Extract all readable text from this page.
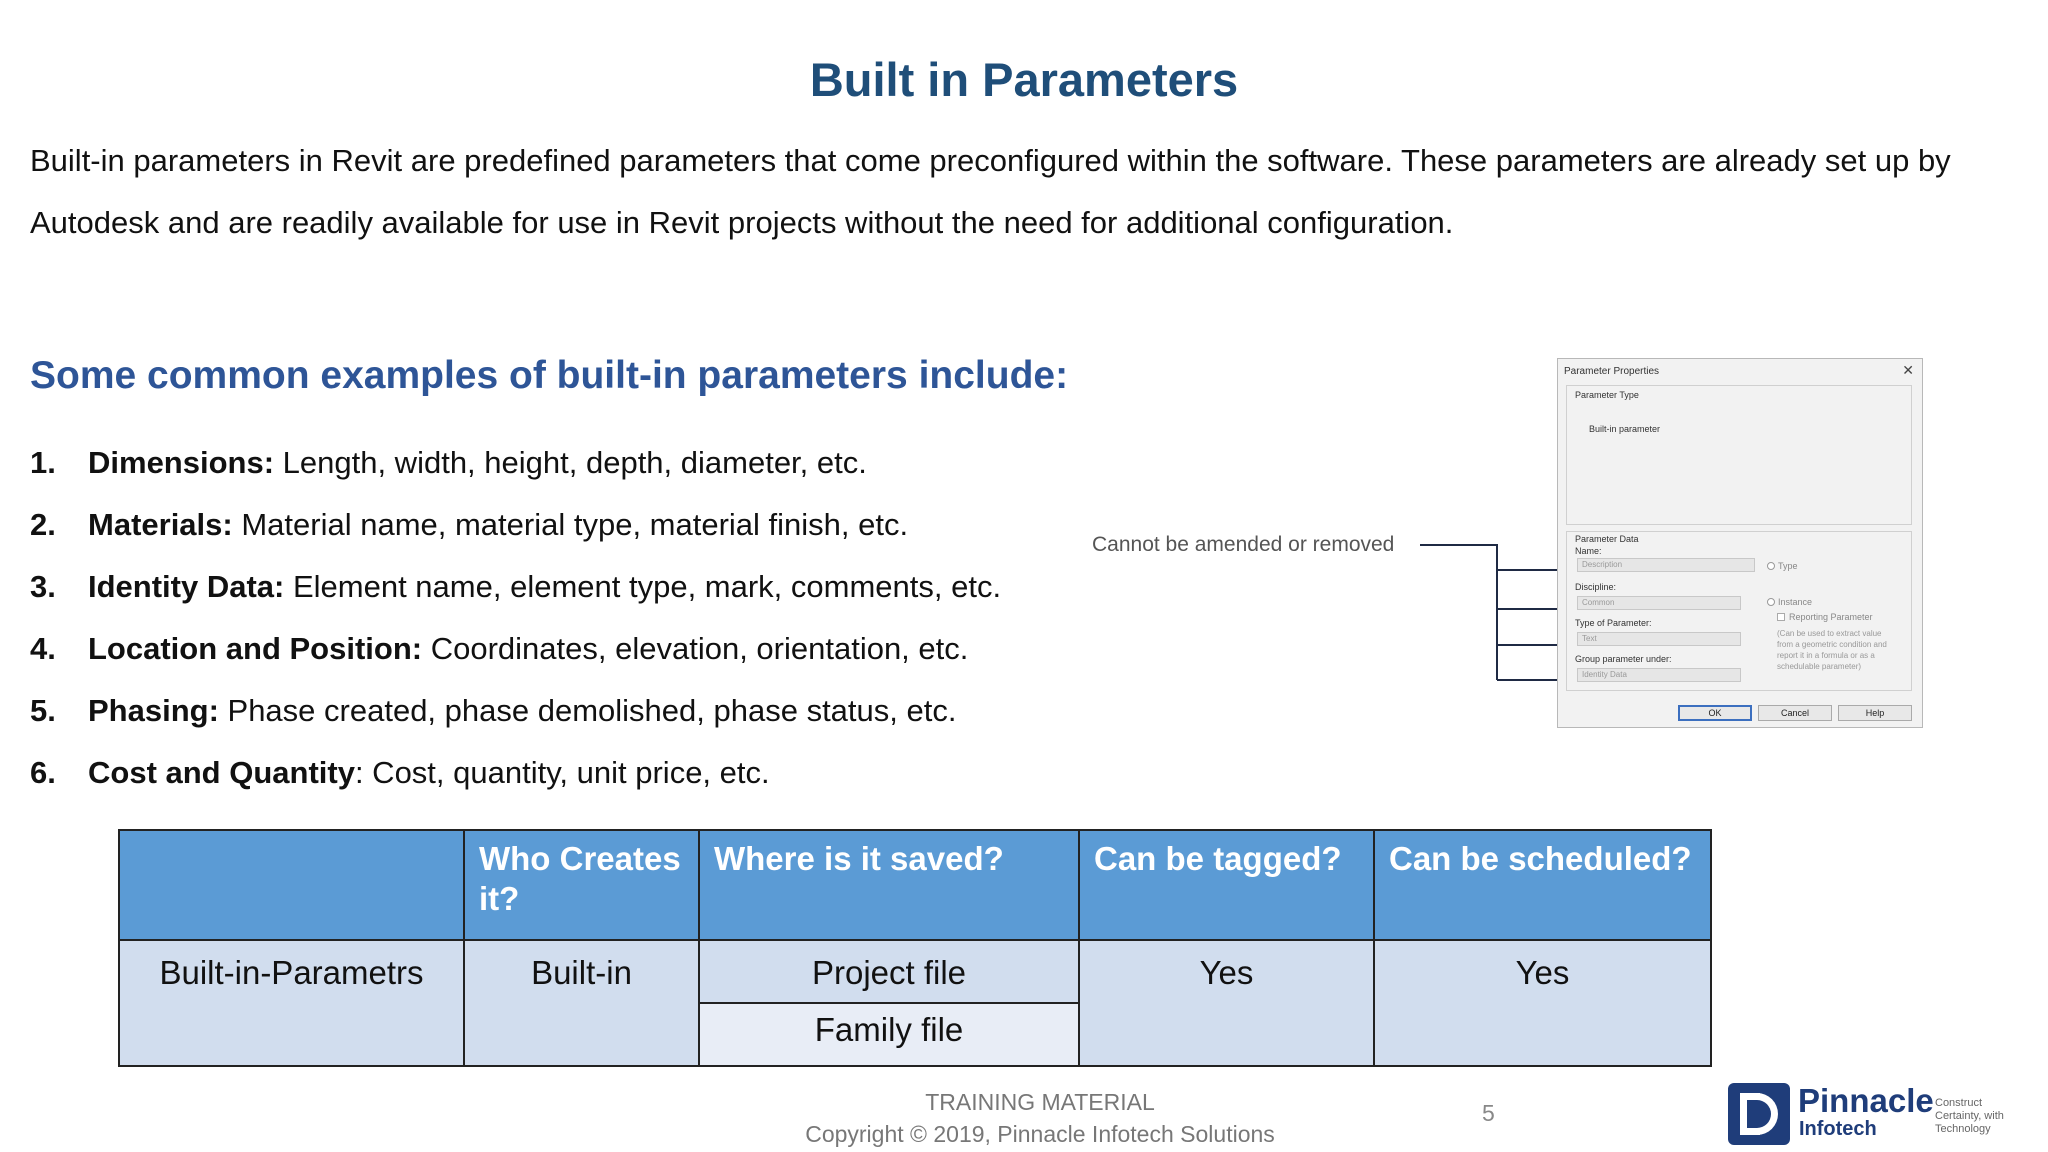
Built in Parameters
Built-in parameters in Revit are predefined parameters that come preconfigured within the software. These parameters are already set up by Autodesk and are readily available for use in Revit projects without the need for additional configuration.
Some common examples of built-in parameters include:
1. Dimensions: Length, width, height, depth, diameter, etc.
2. Materials: Material name, material type, material finish, etc.
3. Identity Data: Element name, element type, mark, comments, etc.
4. Location and Position: Coordinates, elevation, orientation, etc.
5. Phasing: Phase created, phase demolished, phase status, etc.
6. Cost and Quantity: Cost, quantity, unit price, etc.
Cannot be amended or removed
Parameter Properties	✕
Parameter Type
Built-in parameter
Parameter Data
Name:
Description
Discipline:
Common
Type of Parameter:
Text
Group parameter under:
Identity Data
Type
Instance
Reporting Parameter
(Can be used to extract value
from a geometric condition and
report it in a formula or as a
schedulable parameter)
OK	Cancel	Help
	Who Creates it?	Where is it saved?	Can be tagged?	Can be scheduled?
Built-in-Parametrs	Built-in	Project file	Yes	Yes
		Family file		
TRAINING MATERIAL
Copyright © 2019, Pinnacle Infotech Solutions
5	Pinnacle
Infotech
Construct Certainty, with Technology
